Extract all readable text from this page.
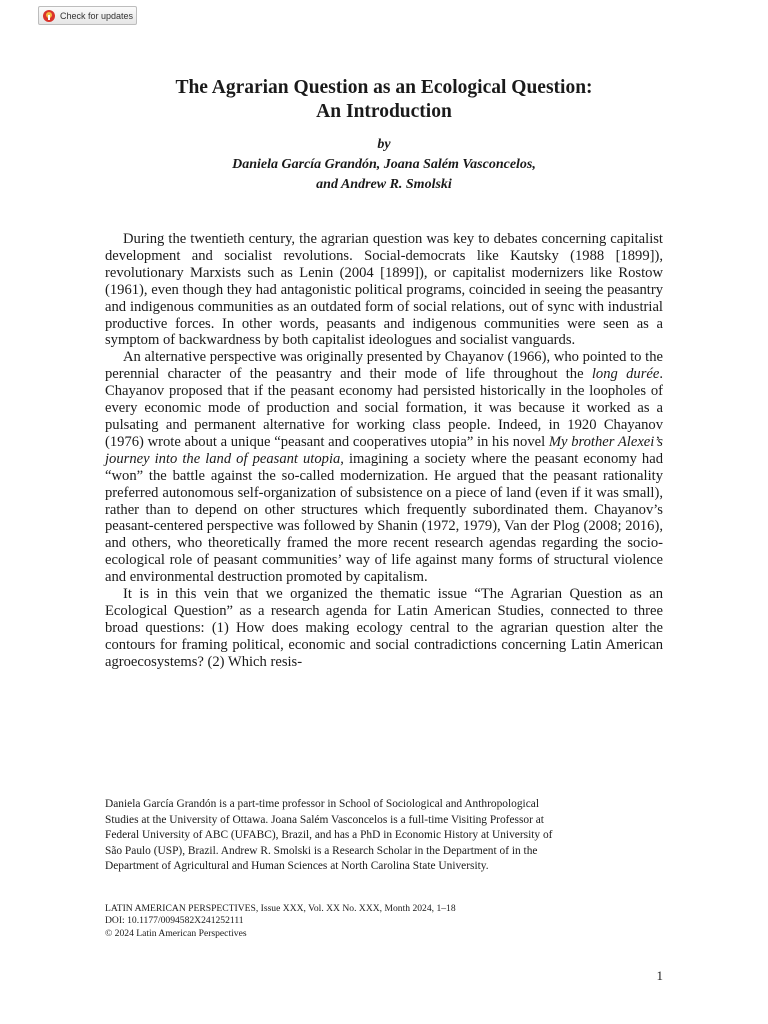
Check for updates
The Agrarian Question as an Ecological Question:
An Introduction
by
Daniela García Grandón, Joana Salém Vasconcelos,
and Andrew R. Smolski

During the twentieth century, the agrarian question was key to debates concerning capitalist development and socialist revolutions. Social-democrats like Kautsky (1988 [1899]), revolutionary Marxists such as Lenin (2004 [1899]), or capitalist modernizers like Rostow (1961), even though they had antagonistic political programs, coincided in seeing the peasantry and indigenous communities as an outdated form of social relations, out of sync with industrial productive forces. In other words, peasants and indigenous communities were seen as a symptom of backwardness by both capitalist ideologues and socialist vanguards.

An alternative perspective was originally presented by Chayanov (1966), who pointed to the perennial character of the peasantry and their mode of life throughout the long durée. Chayanov proposed that if the peasant economy had persisted historically in the loopholes of every economic mode of production and social formation, it was because it worked as a pulsating and permanent alternative for working class people. Indeed, in 1920 Chayanov (1976) wrote about a unique “peasant and cooperatives utopia” in his novel My brother Alexei’s journey into the land of peasant utopia, imagining a society where the peasant economy had “won” the battle against the so-called modernization. He argued that the peasant rationality preferred autonomous self-organization of subsistence on a piece of land (even if it was small), rather than to depend on other structures which frequently subordinated them. Chayanov’s peasant-centered perspective was followed by Shanin (1972, 1979), Van der Plog (2008; 2016), and others, who theoretically framed the more recent research agendas regarding the socio-ecological role of peasant communities’ way of life against many forms of structural violence and environmental destruction promoted by capitalism.

It is in this vein that we organized the thematic issue “The Agrarian Question as an Ecological Question” as a research agenda for Latin American Studies, connected to three broad questions: (1) How does making ecology central to the agrarian question alter the contours for framing political, economic and social contradictions concerning Latin American agroecosystems? (2) Which resis-

Daniela García Grandón is a part-time professor in School of Sociological and Anthropological
Studies at the University of Ottawa. Joana Salém Vasconcelos is a full-time Visiting Professor at
Federal University of ABC (UFABC), Brazil, and has a PhD in Economic History at University of
São Paulo (USP), Brazil. Andrew R. Smolski is a Research Scholar in the Department of in the
Department of Agricultural and Human Sciences at North Carolina State University.
LATIN AMERICAN PERSPECTIVES, Issue XXX, Vol. XX No. XXX, Month 2024, 1–18
DOI: 10.1177/0094582X241252111
© 2024 Latin American Perspectives
1
